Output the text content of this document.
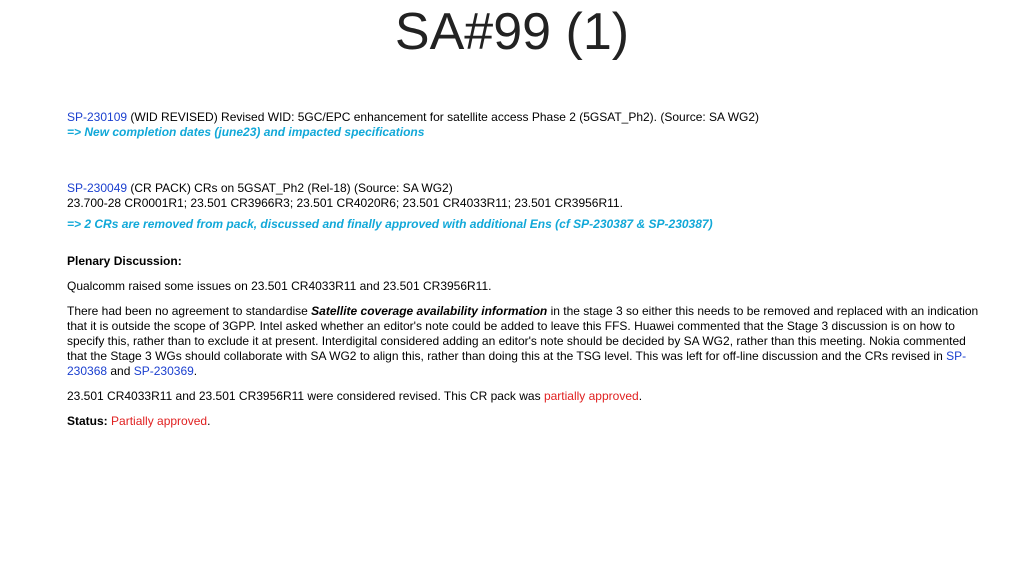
SA#99 (1)

SP-230109 (WID REVISED) Revised WID: 5GC/EPC enhancement for satellite access Phase 2 (5GSAT_Ph2). (Source: SA WG2)

=> New completion dates (june23) and impacted specifications

SP-230049 (CR PACK) CRs on 5GSAT_Ph2 (Rel-18) (Source: SA WG2)

23.700-28 CR0001R1; 23.501 CR3966R3; 23.501 CR4020R6; 23.501 CR4033R11; 23.501 CR3956R11.

=> 2 CRs are removed from pack, discussed and finally approved with additional Ens (cf SP-230387 & SP-230387)

Plenary Discussion:

Qualcomm raised some issues on 23.501 CR4033R11 and 23.501 CR3956R11.

There had been no agreement to standardise Satellite coverage availability information in the stage 3 so either this needs to be removed and replaced with an indication that it is outside the scope of 3GPP. Intel asked whether an editor's note could be added to leave this FFS. Huawei commented that the Stage 3 discussion is on how to specify this, rather than to exclude it at present. Interdigital considered adding an editor's note should be decided by SA WG2, rather than this meeting. Nokia commented that the Stage 3 WGs should collaborate with SA WG2 to align this, rather than doing this at the TSG level. This was left for off-line discussion and the CRs revised in SP-230368 and SP-230369.

23.501 CR4033R11 and 23.501 CR3956R11 were considered revised. This CR pack was partially approved.

Status: Partially approved.
